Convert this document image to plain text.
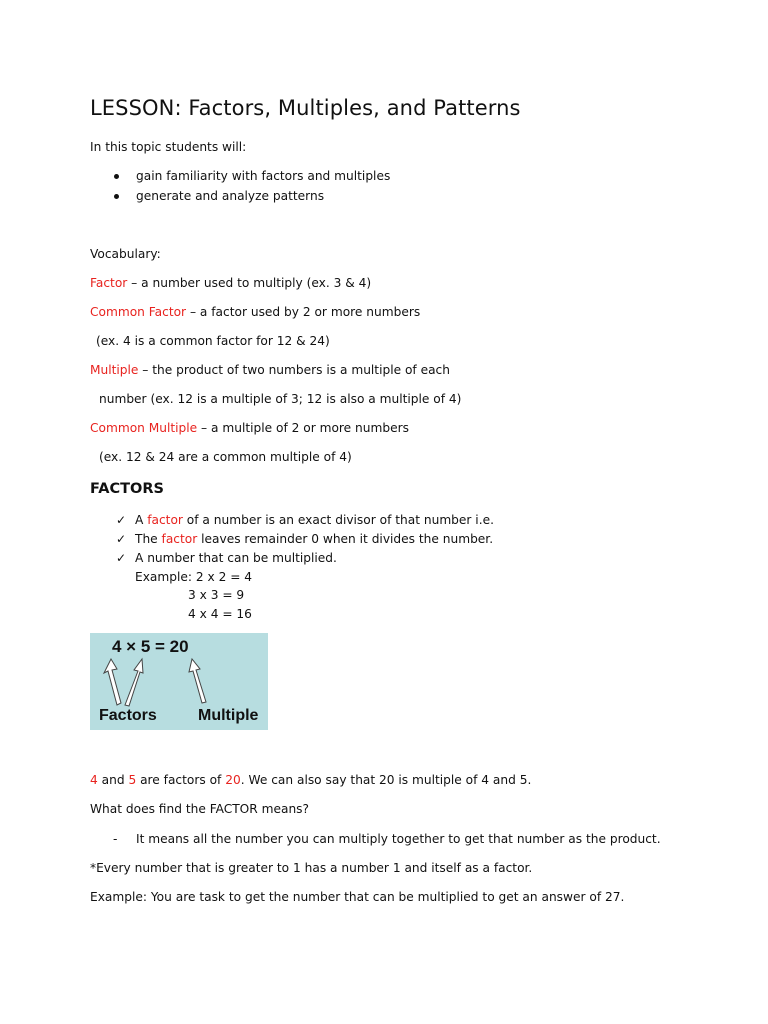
LESSON: Factors, Multiples, and Patterns
In this topic students will:
gain familiarity with factors and multiples
generate and analyze patterns
Vocabulary:
Factor – a number used to multiply (ex. 3 & 4)
Common Factor – a factor used by 2 or more numbers
(ex. 4 is a common factor for 12 & 24)
Multiple – the product of two numbers is a multiple of each
number (ex. 12 is a multiple of 3; 12 is also a multiple of 4)
Common Multiple – a multiple of 2 or more numbers
(ex. 12 & 24 are a common multiple of 4)
FACTORS
✓ A factor of a number is an exact divisor of that number i.e.
✓ The factor leaves remainder 0 when it divides the number.
✓ A number that can be multiplied.
Example: 2 x 2 = 4
3 x 3 = 9
4 x 4 = 16
4 × 5 = 20
Factors	Multiple
4 and 5 are factors of 20. We can also say that 20 is multiple of 4 and 5.
What does find the FACTOR means?
- It means all the number you can multiply together to get that number as the product.
*Every number that is greater to 1 has a number 1 and itself as a factor.
Example: You are task to get the number that can be multiplied to get an answer of 27.
